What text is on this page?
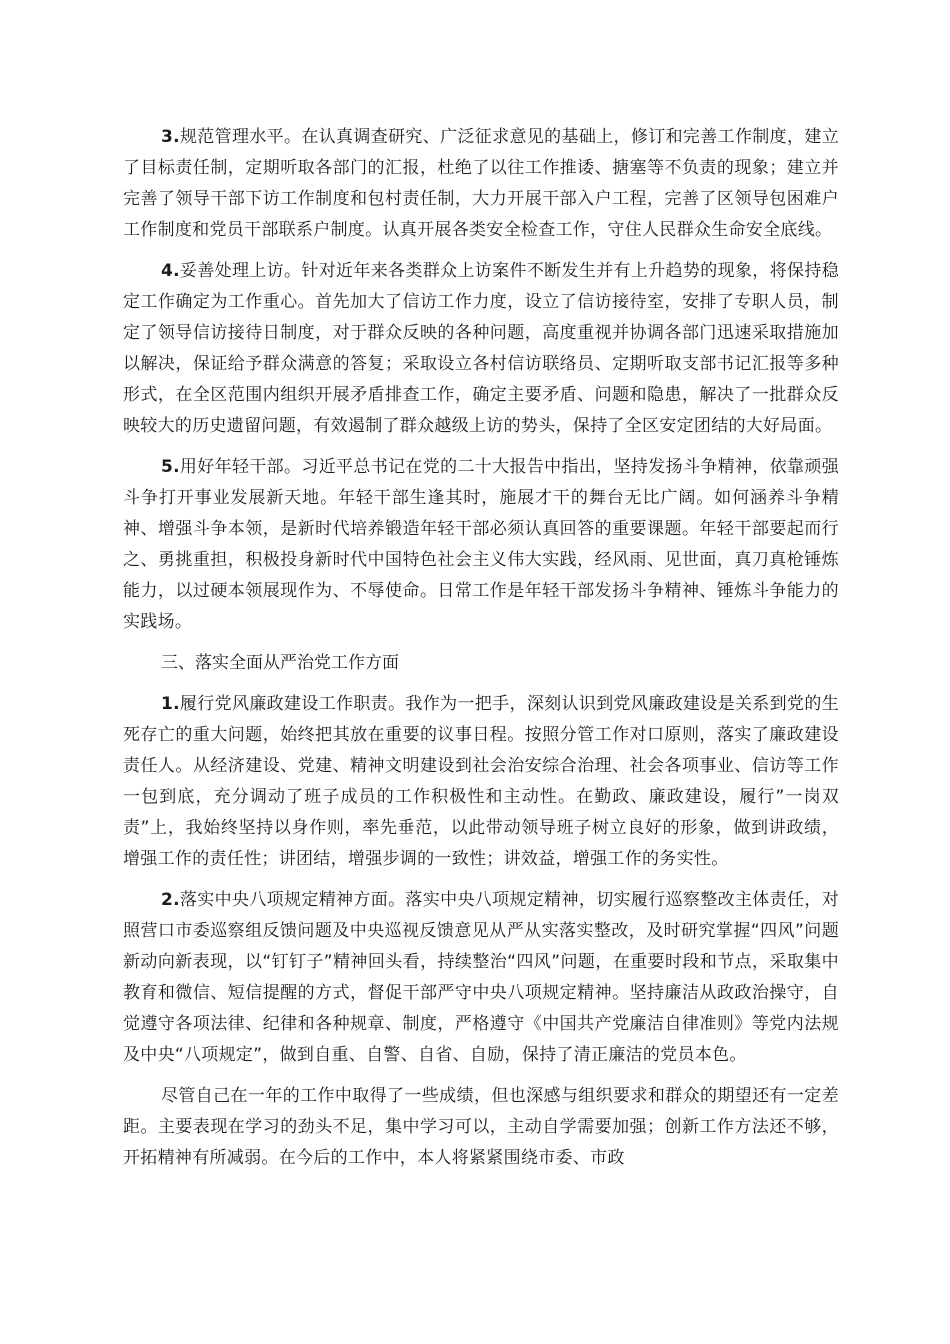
3.规范管理水平。在认真调查研究、广泛征求意见的基础上，修订和完善工作制度，建立了目标责任制，定期听取各部门的汇报，杜绝了以往工作推诿、搪塞等不负责的现象；建立并完善了领导干部下访工作制度和包村责任制，大力开展干部入户工程，完善了区领导包困难户工作制度和党员干部联系户制度。认真开展各类安全检查工作，守住人民群众生命安全底线。

4.妥善处理上访。针对近年来各类群众上访案件不断发生并有上升趋势的现象，将保持稳定工作确定为工作重心。首先加大了信访工作力度，设立了信访接待室，安排了专职人员，制定了领导信访接待日制度，对于群众反映的各种问题，高度重视并协调各部门迅速采取措施加以解决，保证给予群众满意的答复；采取设立各村信访联络员、定期听取支部书记汇报等多种形式，在全区范围内组织开展矛盾排查工作，确定主要矛盾、问题和隐患，解决了一批群众反映较大的历史遗留问题，有效遏制了群众越级上访的势头，保持了全区安定团结的大好局面。

5.用好年轻干部。习近平总书记在党的二十大报告中指出，坚持发扬斗争精神，依靠顽强斗争打开事业发展新天地。年轻干部生逢其时，施展才干的舞台无比广阔。如何涵养斗争精神、增强斗争本领，是新时代培养锻造年轻干部必须认真回答的重要课题。年轻干部要起而行之、勇挑重担，积极投身新时代中国特色社会主义伟大实践，经风雨、见世面，真刀真枪锤炼能力，以过硬本领展现作为、不辱使命。日常工作是年轻干部发扬斗争精神、锤炼斗争能力的实践场。

三、落实全面从严治党工作方面

1.履行党风廉政建设工作职责。我作为一把手，深刻认识到党风廉政建设是关系到党的生死存亡的重大问题，始终把其放在重要的议事日程。按照分管工作对口原则，落实了廉政建设责任人。从经济建设、党建、精神文明建设到社会治安综合治理、社会各项事业、信访等工作一包到底，充分调动了班子成员的工作积极性和主动性。在勤政、廉政建设，履行”一岗双责”上，我始终坚持以身作则，率先垂范，以此带动领导班子树立良好的形象，做到讲政绩，增强工作的责任性；讲团结，增强步调的一致性；讲效益，增强工作的务实性。

2.落实中央八项规定精神方面。落实中央八项规定精神，切实履行巡察整改主体责任，对照营口市委巡察组反馈问题及中央巡视反馈意见从严从实落实整改，及时研究掌握“四风”问题新动向新表现，以“钉钉子”精神回头看，持续整治“四风”问题，在重要时段和节点，采取集中教育和微信、短信提醒的方式，督促干部严守中央八项规定精神。坚持廉洁从政政治操守，自觉遵守各项法律、纪律和各种规章、制度，严格遵守《中国共产党廉洁自律准则》等党内法规及中央“八项规定”，做到自重、自警、自省、自励，保持了清正廉洁的党员本色。

尽管自己在一年的工作中取得了一些成绩，但也深感与组织要求和群众的期望还有一定差距。主要表现在学习的劲头不足，集中学习可以，主动自学需要加强；创新工作方法还不够，开拓精神有所减弱。在今后的工作中，本人将紧紧围绕市委、市政
